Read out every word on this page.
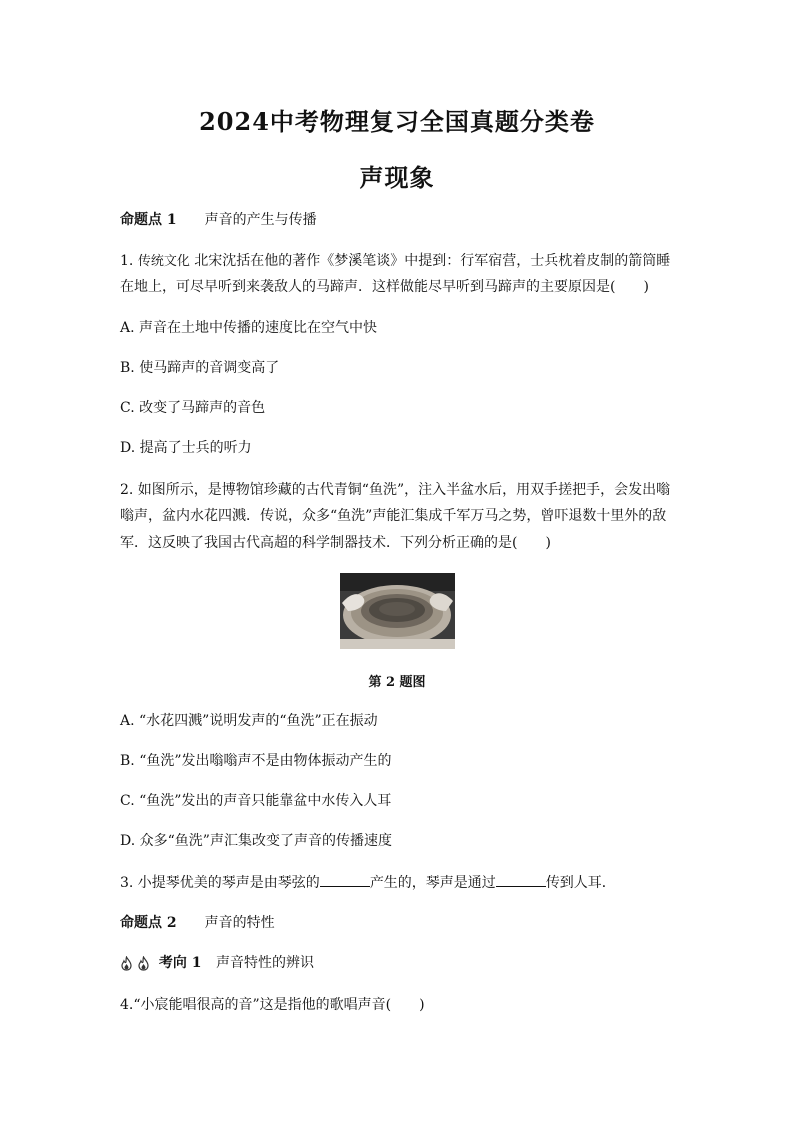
2024中考物理复习全国真题分类卷
声现象
命题点 1 声音的产生与传播
1. 传统文化 北宋沈括在他的著作《梦溪笔谈》中提到：行军宿营，士兵枕着皮制的箭筒睡
在地上，可尽早听到来袭敌人的马蹄声．这样做能尽早听到马蹄声的主要原因是(　　)
A. 声音在土地中传播的速度比在空气中快
B. 使马蹄声的音调变高了
C. 改变了马蹄声的音色
D. 提高了士兵的听力
2. 如图所示，是博物馆珍藏的古代青铜“鱼洗”，注入半盆水后，用双手搓把手，会发出嗡
嗡声，盆内水花四溅．传说，众多“鱼洗”声能汇集成千军万马之势，曾吓退数十里外的敌
军．这反映了我国古代高超的科学制器技术．下列分析正确的是(　　)
第 2 题图
A. “水花四溅”说明发声的“鱼洗”正在振动
B. “鱼洗”发出嗡嗡声不是由物体振动产生的
C. “鱼洗”发出的声音只能靠盆中水传入人耳
D. 众多“鱼洗”声汇集改变了声音的传播速度
3. 小提琴优美的琴声是由琴弦的	产生的，琴声是通过	传到人耳．
命题点 2 声音的特性
考向 1 声音特性的辨识
4.“小宸能唱很高的音”这是指他的歌唱声音(　　)
